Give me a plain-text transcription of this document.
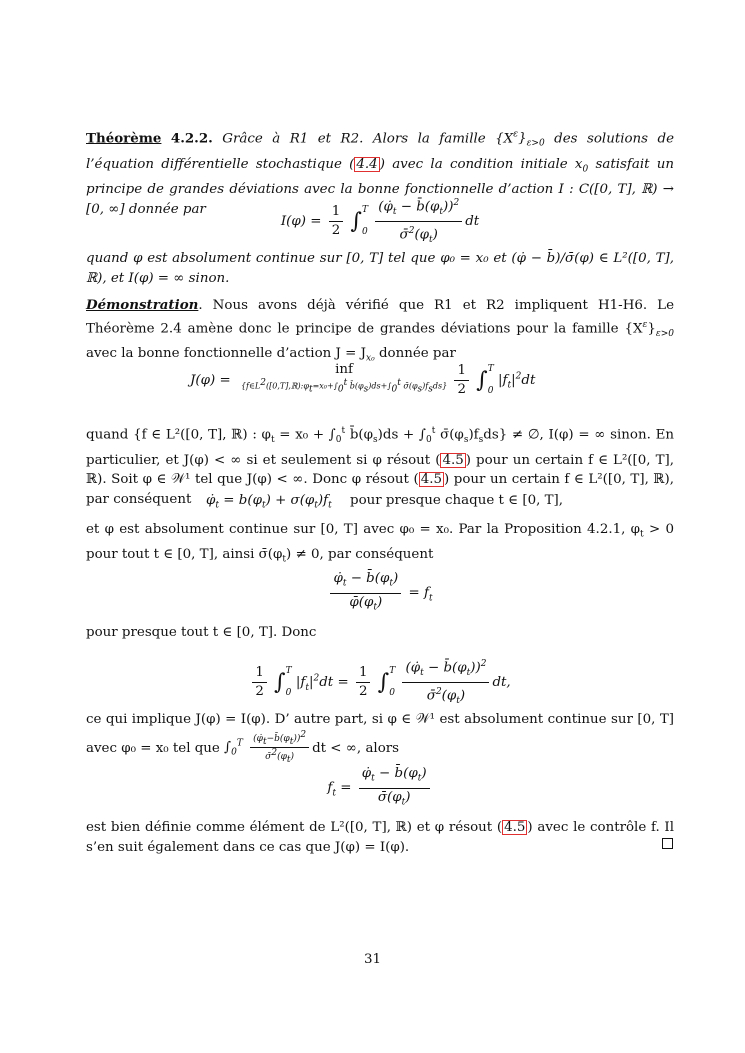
Théorème 4.2.2. Grâce à R1 et R2. Alors la famille $\{X^\varepsilon\}_{\varepsilon>0}$ des solutions de l’équation différentielle stochastique ( 4.4 ) avec la condition initiale $x_0$ satisfait un principe de grandes déviations avec la bonne fonctionnelle d’action I : C([0, T], ℝ) → [0, ∞] donnée par

$I(\varphi) = \frac{1}{2} \int T$

$0 \frac{(\varphi̇_t - b̄(\varphi_t))^2}{\sigmā^2(\varphi_t)}$ dt

quand φ est absolument continue sur [0, T] tel que φ₀ = x₀ et (φ̇ − b̄)/σ̄(φ) ∈ L²([0, T], ℝ), et I(φ) = ∞ sinon.

Démonstration. Nous avons déjà vérifié que R1 et R2 impliquent H1-H6. Le Théorème 2.4 amène donc le principe de grandes déviations pour la famille $\{X^\varepsilon\}_{\varepsilon>0}$ avec la bonne fonctionnelle d’action $J = J_{x_0}$ donnée par

J(φ) =
inf
{$f\in L^2([0,T],ℝ):\varphi_t=x_0+\int_0^t$ $b̄(\varphi_s)ds+\int_0^t$ $\sigmā(\varphi_s)f_sds$}
$\frac{1}{2} \int T$

0 $|f_t|^2dt$

quand {f ∈ L²([0, T], ℝ) : $\varphi_t = x_0 + \int_0^t$ $b̄(\varphi_s)ds + \int_0^t$ $\sigmā(\varphi_s)f_sds$} ≠ ∅, I(φ) = ∞ sinon. En particulier, et J(φ) < ∞ si et seulement si φ résout ( 4.5 ) pour un certain f ∈ L²([0, T], ℝ). Soit φ ∈ 𝒲¹ tel que J(φ) < ∞. Donc φ résout ( 4.5 ) pour un certain f ∈ L²([0, T], ℝ), par conséquent	$\varphi̇_t = b(\varphi_t) + \sigma(\varphi_t)f_t$ pour presque chaque t ∈ [0, T],

et φ est absolument continue sur [0, T] avec φ₀ = x₀. Par la Proposition 4.2.1, $\varphi_t > 0$ pour tout t ∈ [0, T], ainsi $\sigmā(\varphi_t) \ne 0$, par conséquent

$\frac{\varphi̇_t - b̄(\varphi_t)}{\varphī(\varphi_t)} = f_t$

pour presque tout t ∈ [0, T]. Donc

$\frac{1}{2} \int T$

0 $|f_t|^2dt = \frac{1}{2} \int T$

$0 \frac{(\varphi̇_t - b̄(\varphi_t))^2}{\sigmā^2(\varphi_t)}$ dt,

ce qui implique J(φ) = I(φ). D’ autre part, si φ ∈ 𝒲¹ est absolument continue sur [0, T] avec φ₀ = x₀ tel que $\int_0^T \frac{(\varphi̇_t-b̄(\varphi_t))^2}{\sigmā^2(\varphi_t)}$ dt < ∞, alors

$f_t = \frac{\varphi̇_t - b̄(\varphi_t)}{\sigmā(\varphi_t)}$

est bien définie comme élément de L²([0, T], ℝ) et φ résout ( 4.5 ) avec le contrôle f. Il s’en suit également dans ce cas que J(φ) = I(φ).

31
